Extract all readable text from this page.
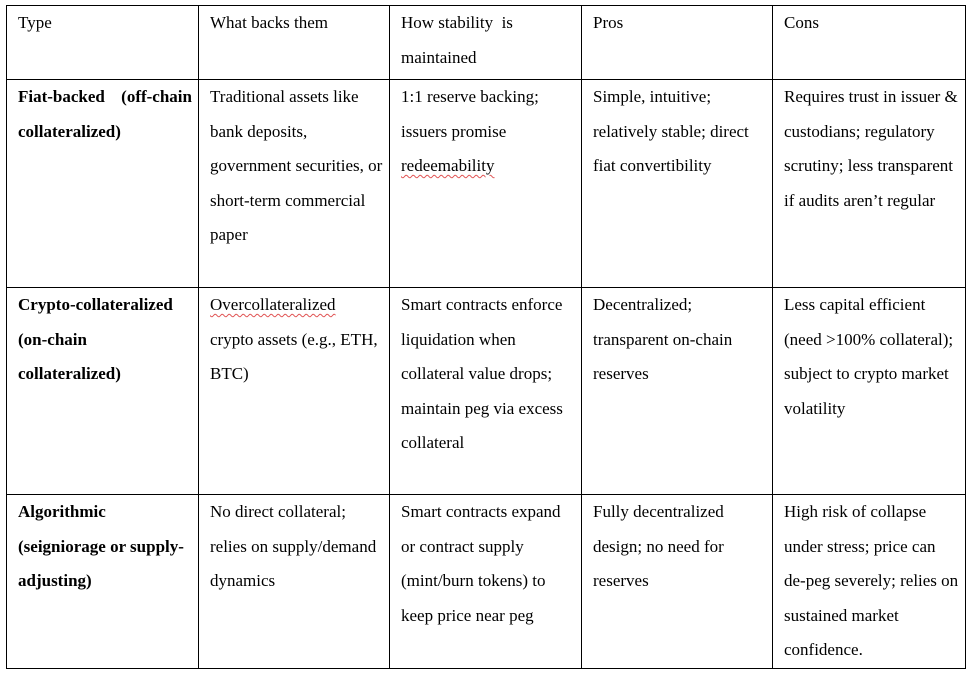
Type	What backs them	How stability  is maintained	Pros	Cons
Fiat-backed (off-chain collateralized)	Traditional assets like bank deposits, government securities, or short-term commercial paper	1:1 reserve backing; issuers promise redeemability	Simple, intuitive; relatively stable; direct fiat convertibility	Requires trust in issuer & custodians; regulatory scrutiny; less transparent if audits aren’t regular
Crypto-collateralized (on-chain collateralized)	Overcollateralized crypto assets (e.g., ETH, BTC)	Smart contracts enforce liquidation when collateral value drops; maintain peg via excess collateral	Decentralized; transparent on-chain reserves	Less capital efficient (need >100% collateral); subject to crypto market volatility
Algorithmic (seigniorage or supply-adjusting)	No direct collateral; relies on supply/demand dynamics	Smart contracts expand or contract supply (mint/burn tokens) to keep price near peg	Fully decentralized design; no need for reserves	High risk of collapse under stress; price can de-peg severely; relies on sustained market confidence.
